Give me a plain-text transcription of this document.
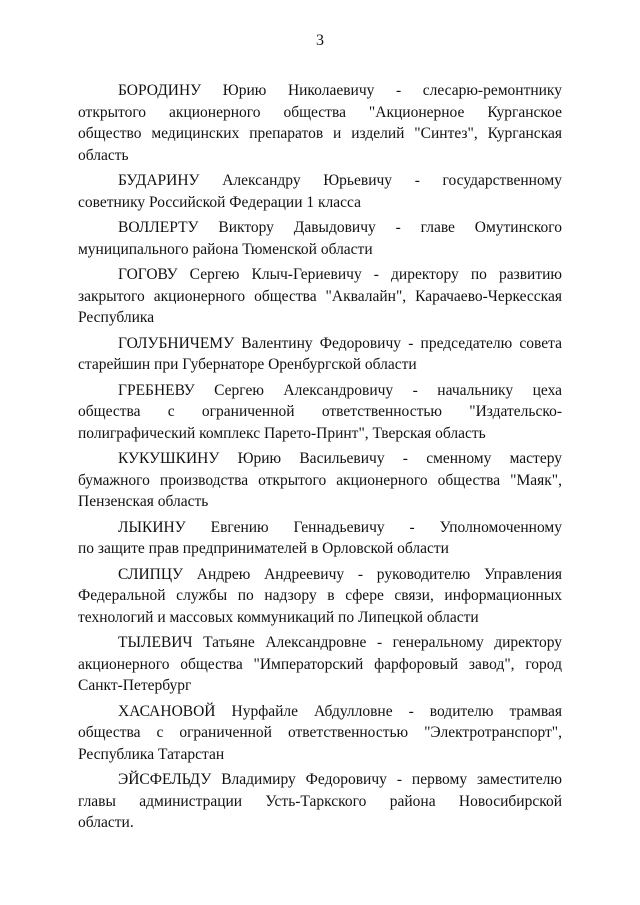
3
БОРОДИНУ Юрию Николаевичу - слесарю-ремонтнику
открытого акционерного общества "Акционерное Курганское
общество медицинских препаратов и изделий "Синтез", Курганская
область
БУДАРИНУ Александру Юрьевичу - государственному
советнику Российской Федерации 1 класса
ВОЛЛЕРТУ Виктору Давыдовичу - главе Омутинского
муниципального района Тюменской области
ГОГОВУ Сергею Клыч-Гериевичу - директору по развитию
закрытого акционерного общества "Аквалайн", Карачаево-Черкесская
Республика
ГОЛУБНИЧЕМУ Валентину Федоровичу - председателю совета
старейшин при Губернаторе Оренбургской области
ГРЕБНЕВУ Сергею Александровичу - начальнику цеха
общества с ограниченной ответственностью "Издательско-
полиграфический комплекс Парето-Принт", Тверская область
КУКУШКИНУ Юрию Васильевичу - сменному мастеру
бумажного производства открытого акционерного общества "Маяк",
Пензенская область
ЛЫКИНУ Евгению Геннадьевичу - Уполномоченному
по защите прав предпринимателей в Орловской области
СЛИПЦУ Андрею Андреевичу - руководителю Управления
Федеральной службы по надзору в сфере связи, информационных
технологий и массовых коммуникаций по Липецкой области
ТЫЛЕВИЧ Татьяне Александровне - генеральному директору
акционерного общества "Императорский фарфоровый завод", город
Санкт-Петербург
ХАСАНОВОЙ Нурфайле Абдулловне - водителю трамвая
общества с ограниченной ответственностью "Электротранспорт",
Республика Татарстан
ЭЙСФЕЛЬДУ Владимиру Федоровичу - первому заместителю
главы администрации Усть-Таркского района Новосибирской
области.
